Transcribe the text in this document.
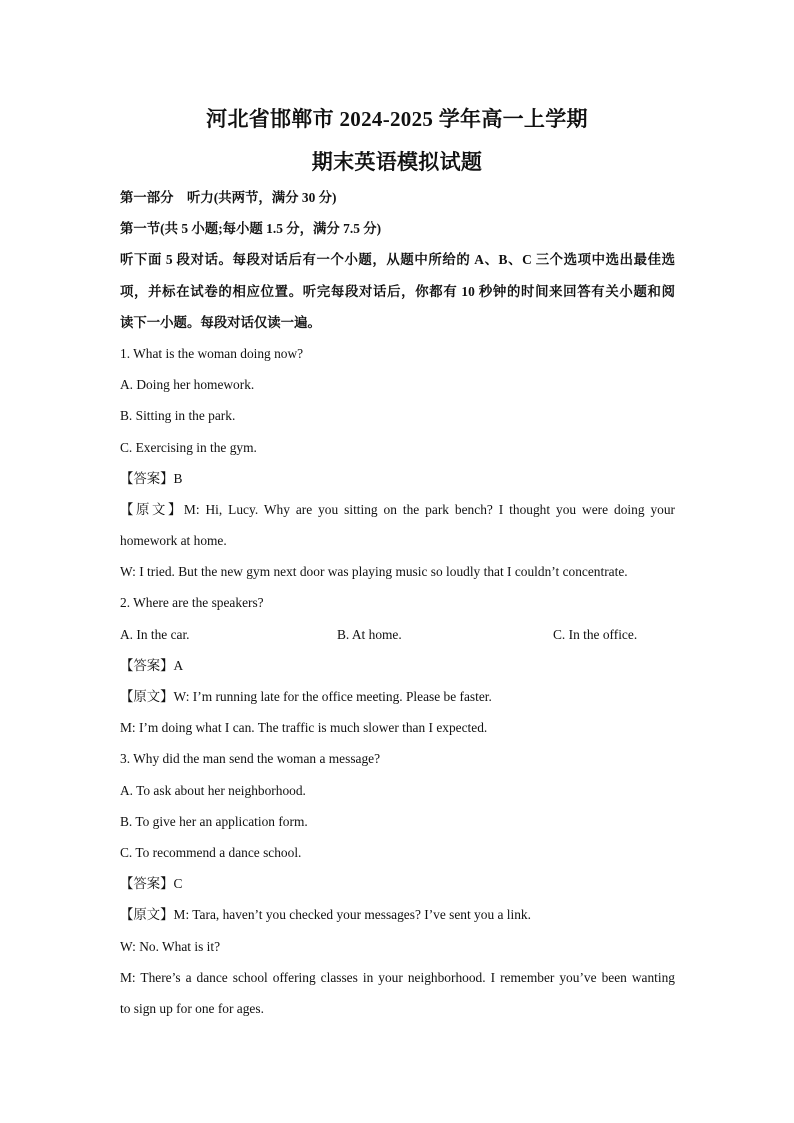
河北省邯郸市 2024-2025 学年高一上学期
期末英语模拟试题
第一部分　听力(共两节，满分 30 分)
第一节(共 5 小题;每小题 1.5 分，满分 7.5 分)
听下面 5 段对话。每段对话后有一个小题，从题中所给的 A、B、C 三个选项中选出最佳选
项，并标在试卷的相应位置。听完每段对话后，你都有 10 秒钟的时间来回答有关小题和阅
读下一小题。每段对话仅读一遍。
1. What is the woman doing now?
A. Doing her homework.
B. Sitting in the park.
C. Exercising in the gym.
【答案】B
【原文】M: Hi, Lucy. Why are you sitting on the park bench? I thought you were doing your
homework at home.
W: I tried. But the new gym next door was playing music so loudly that I couldn’t concentrate.
2. Where are the speakers?
A. In the car.	B. At home.	C. In the office.
【答案】A
【原文】W: I’m running late for the office meeting. Please be faster.
M: I’m doing what I can. The traffic is much slower than I expected.
3. Why did the man send the woman a message?
A. To ask about her neighborhood.
B. To give her an application form.
C. To recommend a dance school.
【答案】C
【原文】M: Tara, haven’t you checked your messages? I’ve sent you a link.
W: No. What is it?
M: There’s a dance school offering classes in your neighborhood. I remember you’ve been wanting
to sign up for one for ages.
